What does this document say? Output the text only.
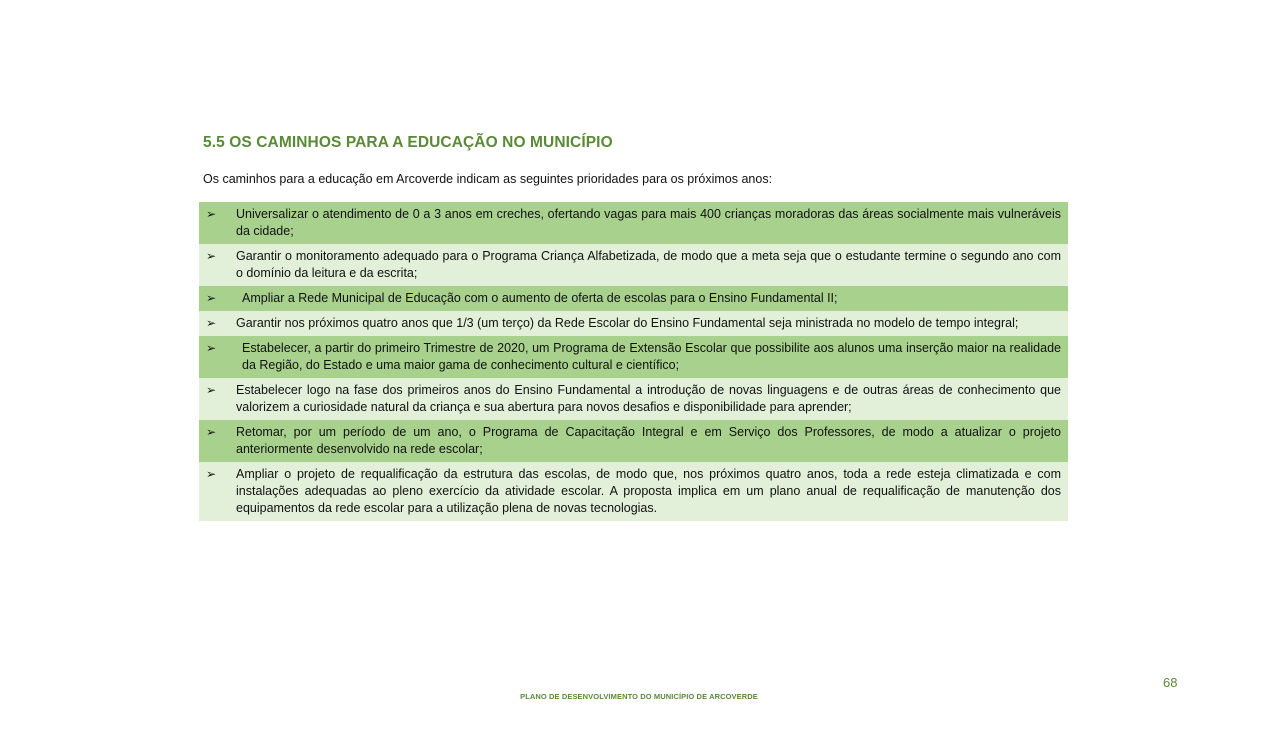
5.5 OS CAMINHOS PARA A EDUCAÇÃO NO MUNICÍPIO
Os caminhos para a educação em Arcoverde indicam as seguintes prioridades para os próximos anos:
➢	Universalizar o atendimento de 0 a 3 anos em creches, ofertando vagas para mais 400 crianças moradoras das áreas socialmente mais vulneráveis da cidade;
➢	Garantir o monitoramento adequado para o Programa Criança Alfabetizada, de modo que a meta seja que o estudante termine o segundo ano com o domínio da leitura e da escrita;
➢	Ampliar a Rede Municipal de Educação com o aumento de oferta de escolas para o Ensino Fundamental II;
➢	Garantir nos próximos quatro anos que 1/3 (um terço) da Rede Escolar do Ensino Fundamental seja ministrada no modelo de tempo integral;
➢	Estabelecer, a partir do primeiro Trimestre de 2020, um Programa de Extensão Escolar que possibilite aos alunos uma inserção maior na realidade da Região, do Estado e uma maior gama de conhecimento cultural e científico;
➢	Estabelecer logo na fase dos primeiros anos do Ensino Fundamental a introdução de novas linguagens e de outras áreas de conhecimento que valorizem a curiosidade natural da criança e sua abertura para novos desafios e disponibilidade para aprender;
➢	Retomar, por um período de um ano, o Programa de Capacitação Integral e em Serviço dos Professores, de modo a atualizar o projeto anteriormente desenvolvido na rede escolar;
➢	Ampliar o projeto de requalificação da estrutura das escolas, de modo que, nos próximos quatro anos, toda a rede esteja climatizada e com instalações adequadas ao pleno exercício da atividade escolar. A proposta implica em um plano anual de requalificação de manutenção dos equipamentos da rede escolar para a utilização plena de novas tecnologias.
68
PLANO DE DESENVOLVIMENTO DO MUNICÍPIO DE ARCOVERDE
